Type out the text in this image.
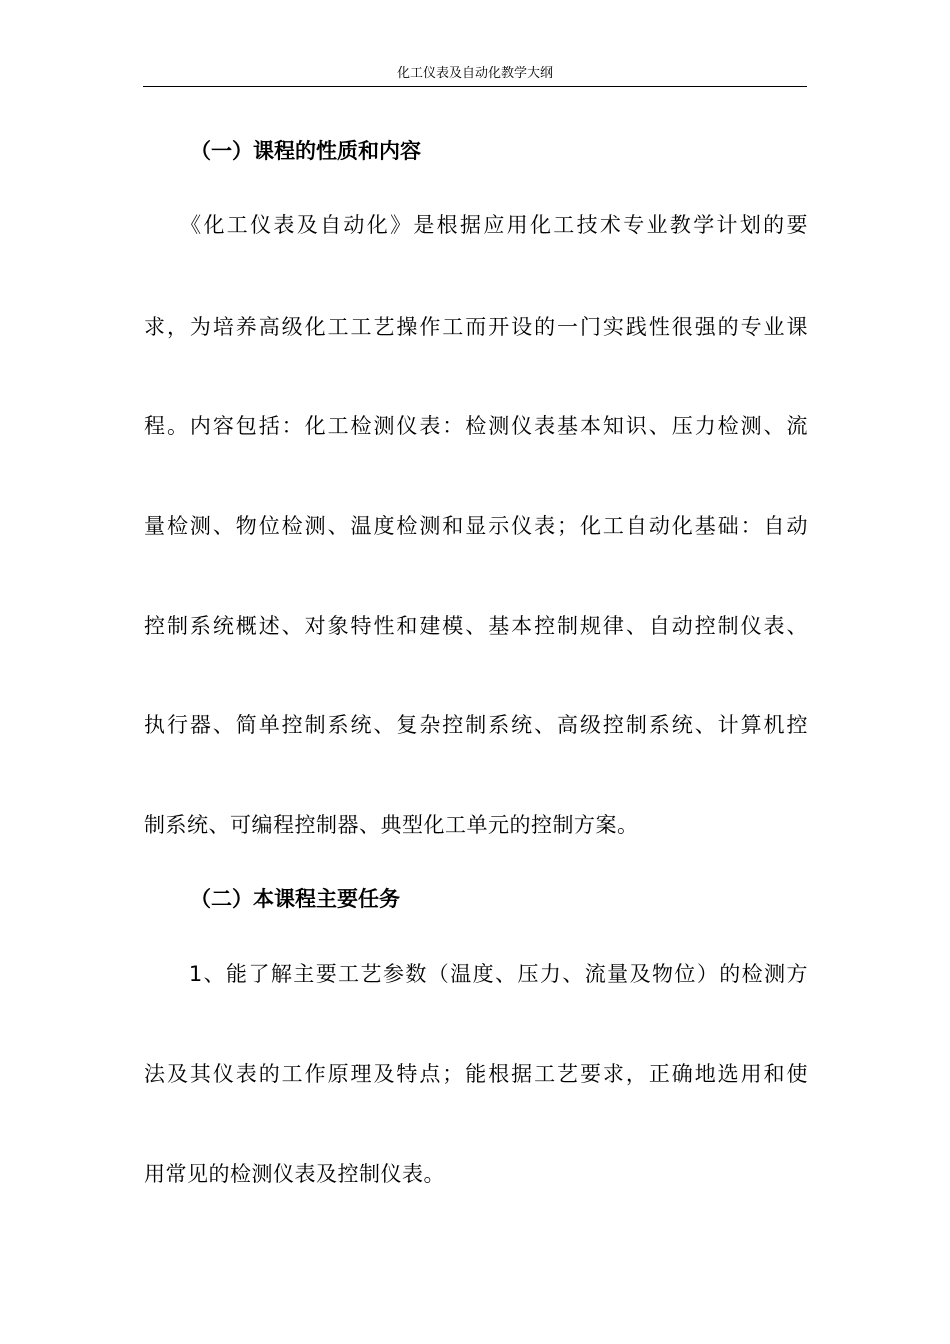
化工仪表及自动化教学大纲
（一）课程的性质和内容
　　《化工仪表及自动化》是根据应用化工技术专业教学计划的要
求，为培养高级化工工艺操作工而开设的一门实践性很强的专业课
程。内容包括：化工检测仪表：检测仪表基本知识、压力检测、流
量检测、物位检测、温度检测和显示仪表；化工自动化基础：自动
控制系统概述、对象特性和建模、基本控制规律、自动控制仪表、
执行器、简单控制系统、复杂控制系统、高级控制系统、计算机控
制系统、可编程控制器、典型化工单元的控制方案。
（二）本课程主要任务
　　1、能了解主要工艺参数（温度、压力、流量及物位）的检测方
法及其仪表的工作原理及特点；能根据工艺要求，正确地选用和使
用常见的检测仪表及控制仪表。
